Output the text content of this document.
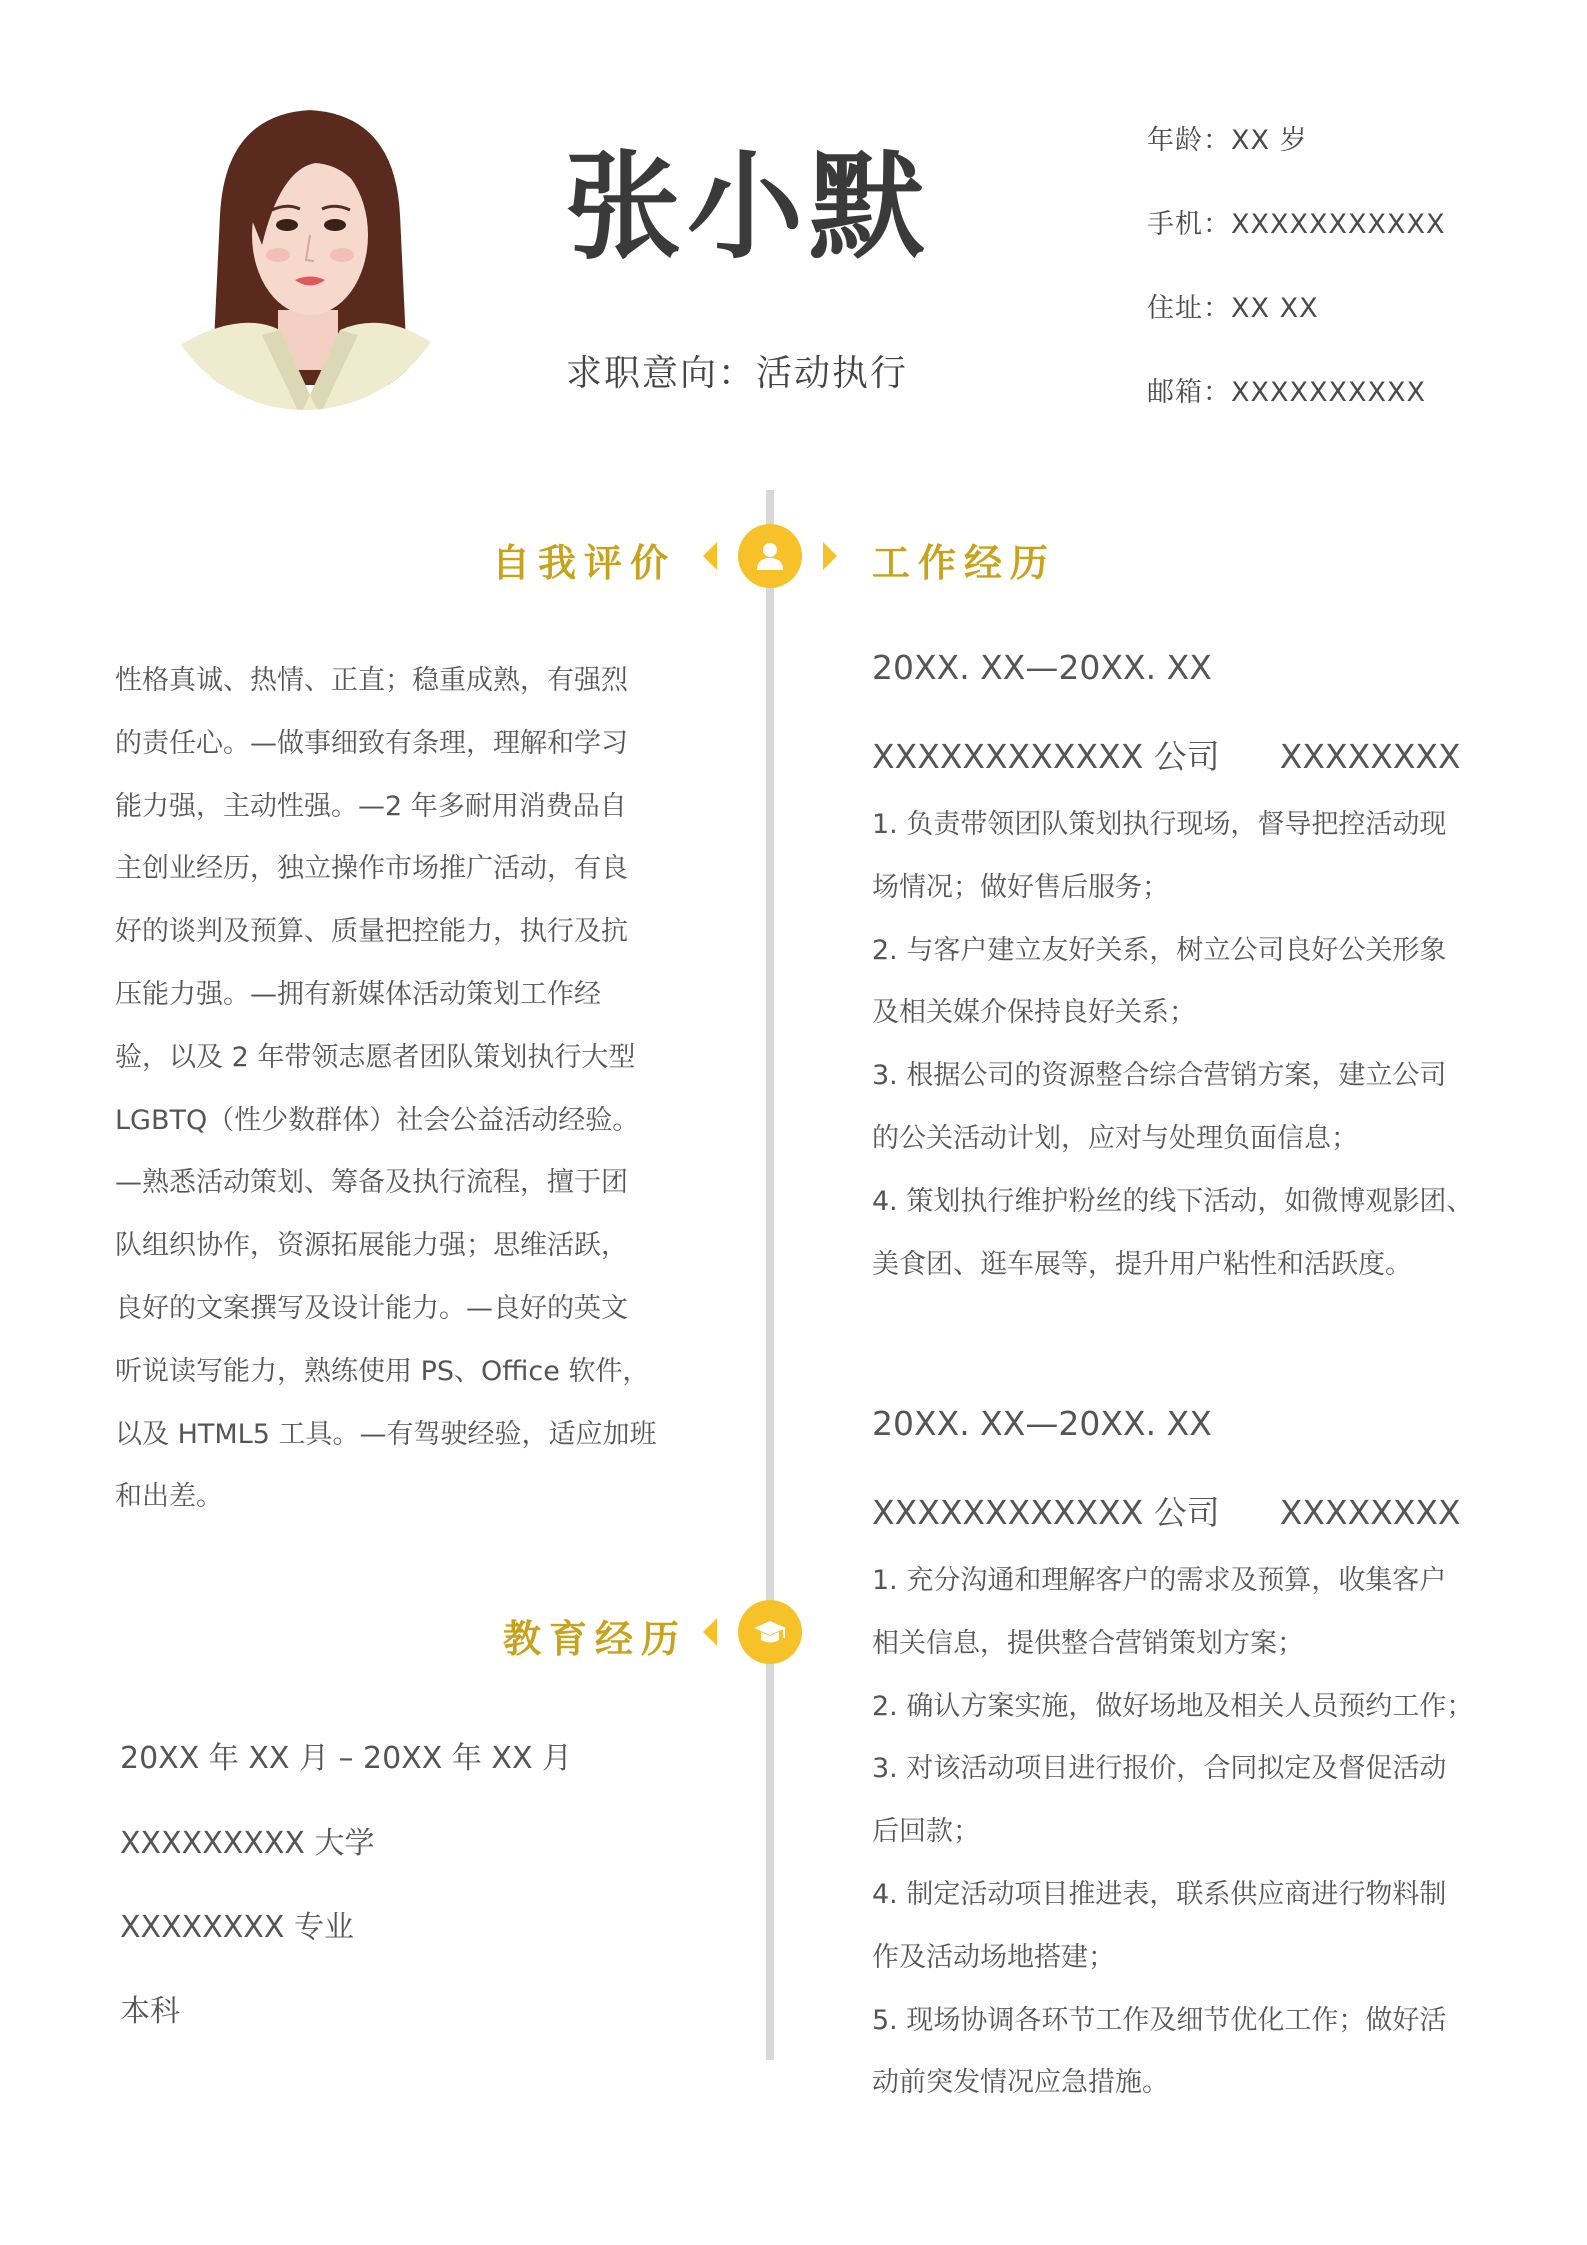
张小默
求职意向：活动执行
年龄：XX 岁
手机：XXXXXXXXXXX
住址：XX XX
邮箱：XXXXXXXXXX
自我评价	工作经历
教育经历

性格真诚、热情、正直；稳重成熟，有强烈

的责任心。—做事细致有条理，理解和学习

能力强，主动性强。—2 年多耐用消费品自

主创业经历，独立操作市场推广活动，有良

好的谈判及预算、质量把控能力，执行及抗

压能力强。—拥有新媒体活动策划工作经

验，以及 2 年带领志愿者团队策划执行大型

LGBTQ（性少数群体）社会公益活动经验。

—熟悉活动策划、筹备及执行流程，擅于团

队组织协作，资源拓展能力强；思维活跃，

良好的文案撰写及设计能力。—良好的英文

听说读写能力，熟练使用 PS、Office 软件，

以及 HTML5 工具。—有驾驶经验，适应加班

和出差。

20XX 年 XX 月 – 20XX 年 XX 月
XXXXXXXXX 大学
XXXXXXXX 专业
本科
20XX. XX—20XX. XX
XXXXXXXXXXXX 公司 XXXXXXXX

1. 负责带领团队策划执行现场，督导把控活动现

场情况；做好售后服务；

2. 与客户建立友好关系，树立公司良好公关形象

及相关媒介保持良好关系；

3. 根据公司的资源整合综合营销方案，建立公司

的公关活动计划，应对与处理负面信息；

4. 策划执行维护粉丝的线下活动，如微博观影团、

美食团、逛车展等，提升用户粘性和活跃度。

20XX. XX—20XX. XX
XXXXXXXXXXXX 公司 XXXXXXXX

1. 充分沟通和理解客户的需求及预算，收集客户

相关信息，提供整合营销策划方案；

2. 确认方案实施，做好场地及相关人员预约工作；

3. 对该活动项目进行报价，合同拟定及督促活动

后回款；

4. 制定活动项目推进表，联系供应商进行物料制

作及活动场地搭建；

5. 现场协调各环节工作及细节优化工作；做好活

动前突发情况应急措施。
